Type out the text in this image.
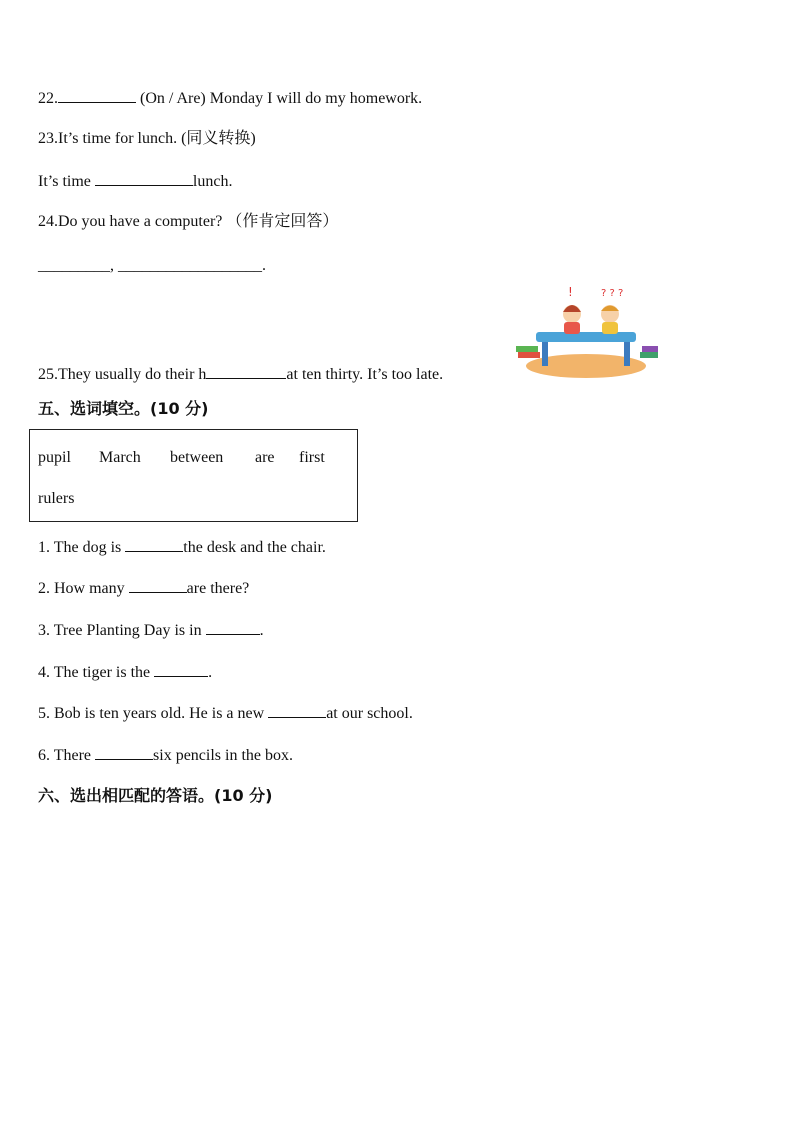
22.	(On / Are) Monday I will do my homework.
23.It’s time for lunch. (同义转换)
It’s time	lunch.
24.Do you have a computer? （作肯定回答）
_________, __________________.
!	? ? ?
25.They usually do their h	at ten thirty. It’s too late.
五、选词填空。(10 分)
pupil March between are first
rulers
1. The dog is	the desk and the chair.
2. How many	are there?
3. Tree Planting Day is in	.
4. The tiger is the	.
5. Bob is ten years old. He is a new	at our school.
6. There	six pencils in the box.
六、选出相匹配的答语。(10 分)
